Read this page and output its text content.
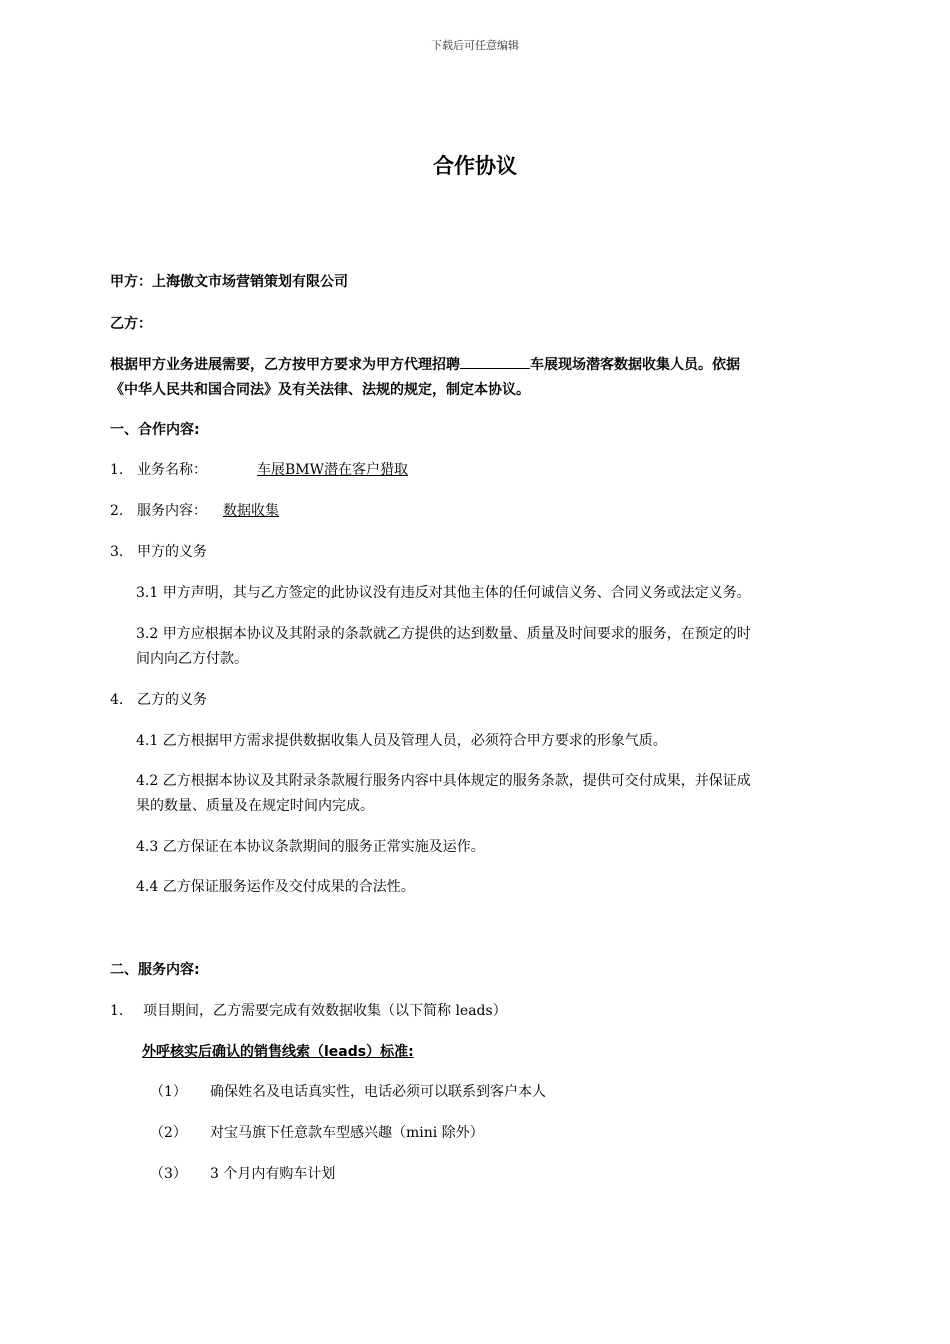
下载后可任意编辑
合作协议
甲方：上海傲文市场营销策划有限公司
乙方：
根据甲方业务进展需要，乙方按甲方要求为甲方代理招聘	车展现场潜客数据收集人员。依据
《中华人民共和国合同法》及有关法律、法规的规定，制定本协议。
一、合作内容:
1. 业务名称：	车展BMW潜在客户猎取
2. 服务内容： 数据收集
3. 甲方的义务
3.1 甲方声明，其与乙方签定的此协议没有违反对其他主体的任何诚信义务、合同义务或法定义务。
3.2 甲方应根据本协议及其附录的条款就乙方提供的达到数量、质量及时间要求的服务，在预定的时
间内向乙方付款。
4. 乙方的义务
4.1 乙方根据甲方需求提供数据收集人员及管理人员，必须符合甲方要求的形象气质。
4.2 乙方根据本协议及其附录条款履行服务内容中具体规定的服务条款，提供可交付成果，并保证成
果的数量、质量及在规定时间内完成。
4.3 乙方保证在本协议条款期间的服务正常实施及运作。
4.4 乙方保证服务运作及交付成果的合法性。
二、服务内容:
1. 项目期间，乙方需要完成有效数据收集（以下简称 leads）
外呼核实后确认的销售线索（leads）标准:
（1） 确保姓名及电话真实性，电话必须可以联系到客户本人
（2） 对宝马旗下任意款车型感兴趣（mini 除外）
（3） 3 个月内有购车计划
